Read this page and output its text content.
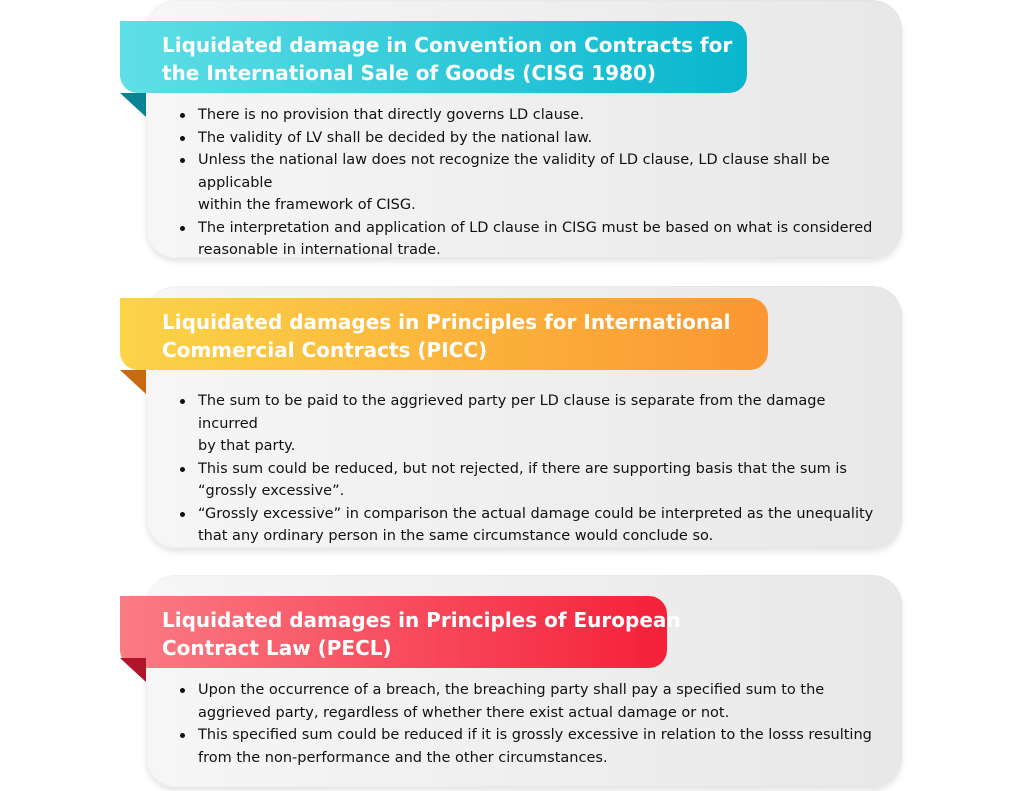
Liquidated damage in Convention on Contracts for
the International Sale of Goods (CISG 1980)
There is no provision that directly governs LD clause.
The validity of LV shall be decided by the national law.
Unless the national law does not recognize the validity of LD clause, LD clause shall be applicable
within the framework of CISG.
The interpretation and application of LD clause in CISG must be based on what is considered
reasonable in international trade.
Liquidated damages in Principles for International
Commercial Contracts (PICC)
The sum to be paid to the aggrieved party per LD clause is separate from the damage incurred
by that party.
This sum could be reduced, but not rejected, if there are supporting basis that the sum is
“grossly excessive”.
“Grossly excessive” in comparison the actual damage could be interpreted as the unequality
that any ordinary person in the same circumstance would conclude so.
Liquidated damages in Principles of European
Contract Law (PECL)
Upon the occurrence of a breach, the breaching party shall pay a specified sum to the
aggrieved party, regardless of whether there exist actual damage or not.
This specified sum could be reduced if it is grossly excessive in relation to the losss resulting
from the non-performance and the other circumstances.
